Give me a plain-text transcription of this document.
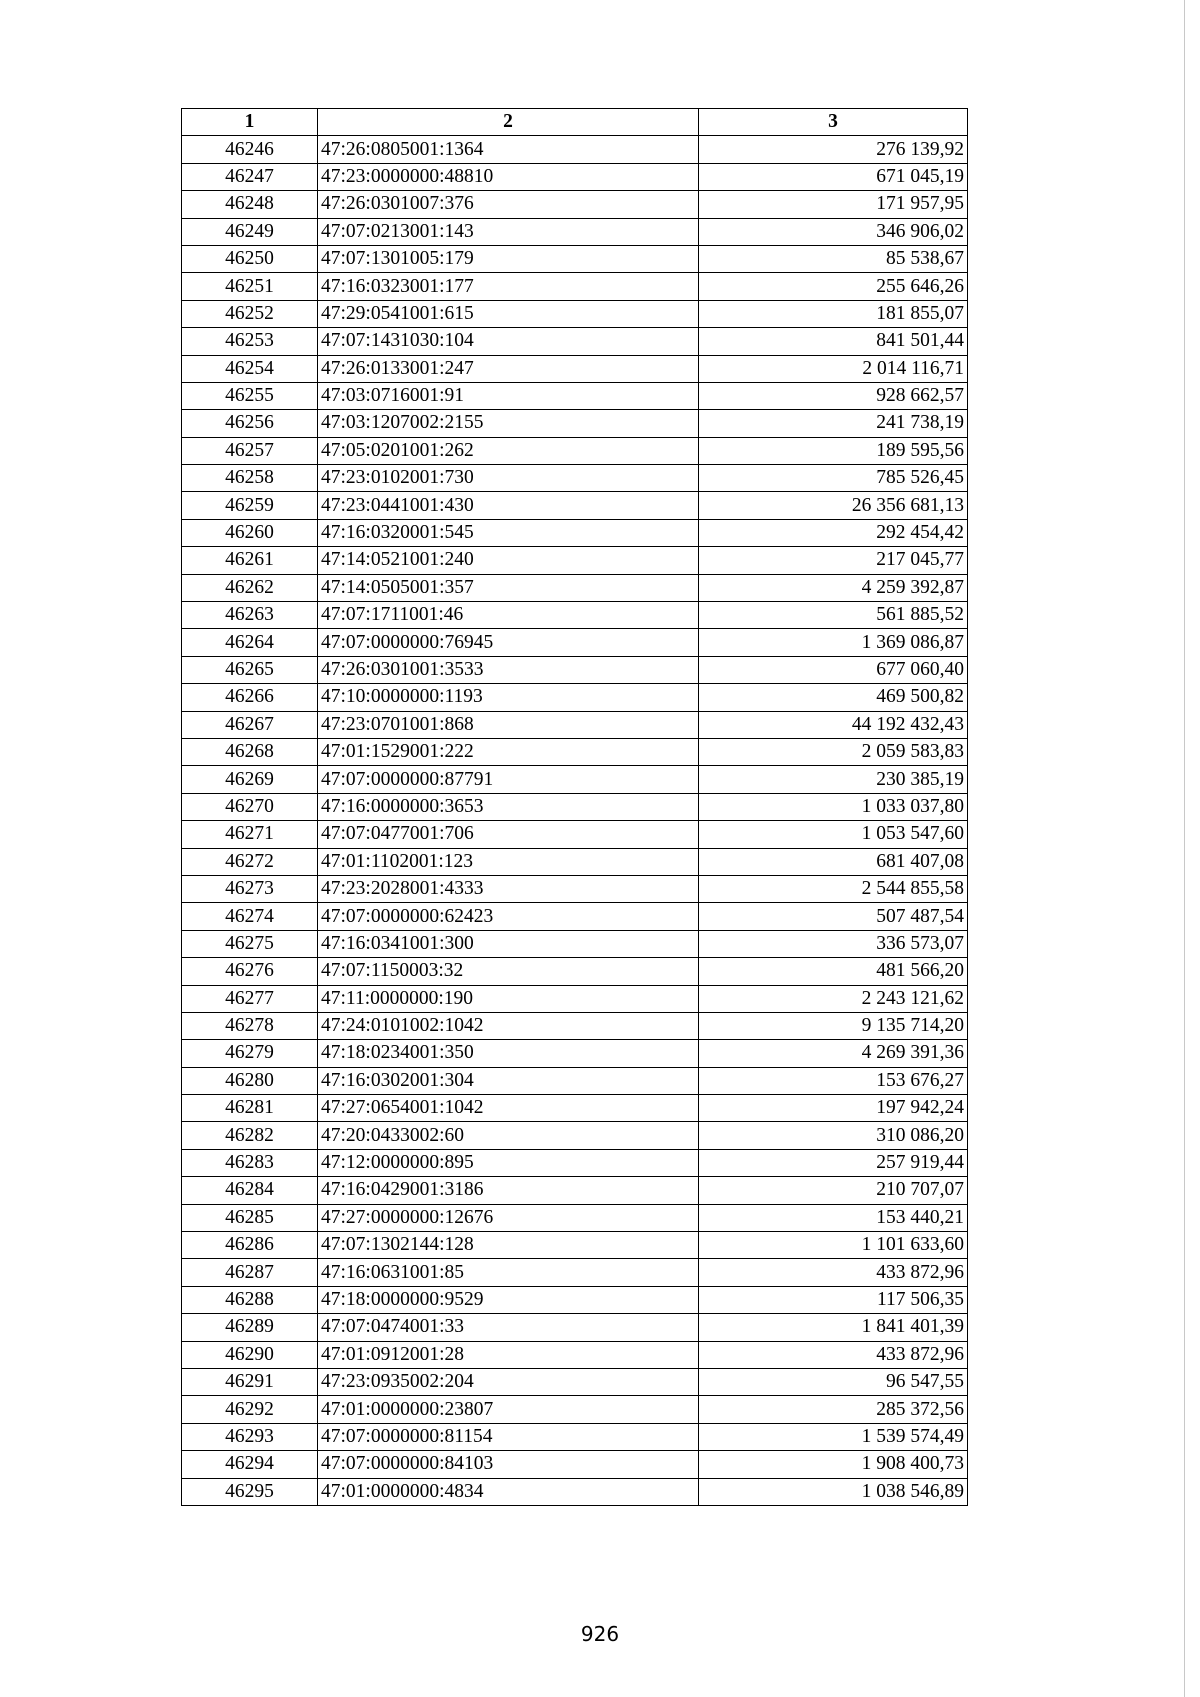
1	2	3
46246	47:26:0805001:1364	276 139,92
46247	47:23:0000000:48810	671 045,19
46248	47:26:0301007:376	171 957,95
46249	47:07:0213001:143	346 906,02
46250	47:07:1301005:179	85 538,67
46251	47:16:0323001:177	255 646,26
46252	47:29:0541001:615	181 855,07
46253	47:07:1431030:104	841 501,44
46254	47:26:0133001:247	2 014 116,71
46255	47:03:0716001:91	928 662,57
46256	47:03:1207002:2155	241 738,19
46257	47:05:0201001:262	189 595,56
46258	47:23:0102001:730	785 526,45
46259	47:23:0441001:430	26 356 681,13
46260	47:16:0320001:545	292 454,42
46261	47:14:0521001:240	217 045,77
46262	47:14:0505001:357	4 259 392,87
46263	47:07:1711001:46	561 885,52
46264	47:07:0000000:76945	1 369 086,87
46265	47:26:0301001:3533	677 060,40
46266	47:10:0000000:1193	469 500,82
46267	47:23:0701001:868	44 192 432,43
46268	47:01:1529001:222	2 059 583,83
46269	47:07:0000000:87791	230 385,19
46270	47:16:0000000:3653	1 033 037,80
46271	47:07:0477001:706	1 053 547,60
46272	47:01:1102001:123	681 407,08
46273	47:23:2028001:4333	2 544 855,58
46274	47:07:0000000:62423	507 487,54
46275	47:16:0341001:300	336 573,07
46276	47:07:1150003:32	481 566,20
46277	47:11:0000000:190	2 243 121,62
46278	47:24:0101002:1042	9 135 714,20
46279	47:18:0234001:350	4 269 391,36
46280	47:16:0302001:304	153 676,27
46281	47:27:0654001:1042	197 942,24
46282	47:20:0433002:60	310 086,20
46283	47:12:0000000:895	257 919,44
46284	47:16:0429001:3186	210 707,07
46285	47:27:0000000:12676	153 440,21
46286	47:07:1302144:128	1 101 633,60
46287	47:16:0631001:85	433 872,96
46288	47:18:0000000:9529	117 506,35
46289	47:07:0474001:33	1 841 401,39
46290	47:01:0912001:28	433 872,96
46291	47:23:0935002:204	96 547,55
46292	47:01:0000000:23807	285 372,56
46293	47:07:0000000:81154	1 539 574,49
46294	47:07:0000000:84103	1 908 400,73
46295	47:01:0000000:4834	1 038 546,89
926
